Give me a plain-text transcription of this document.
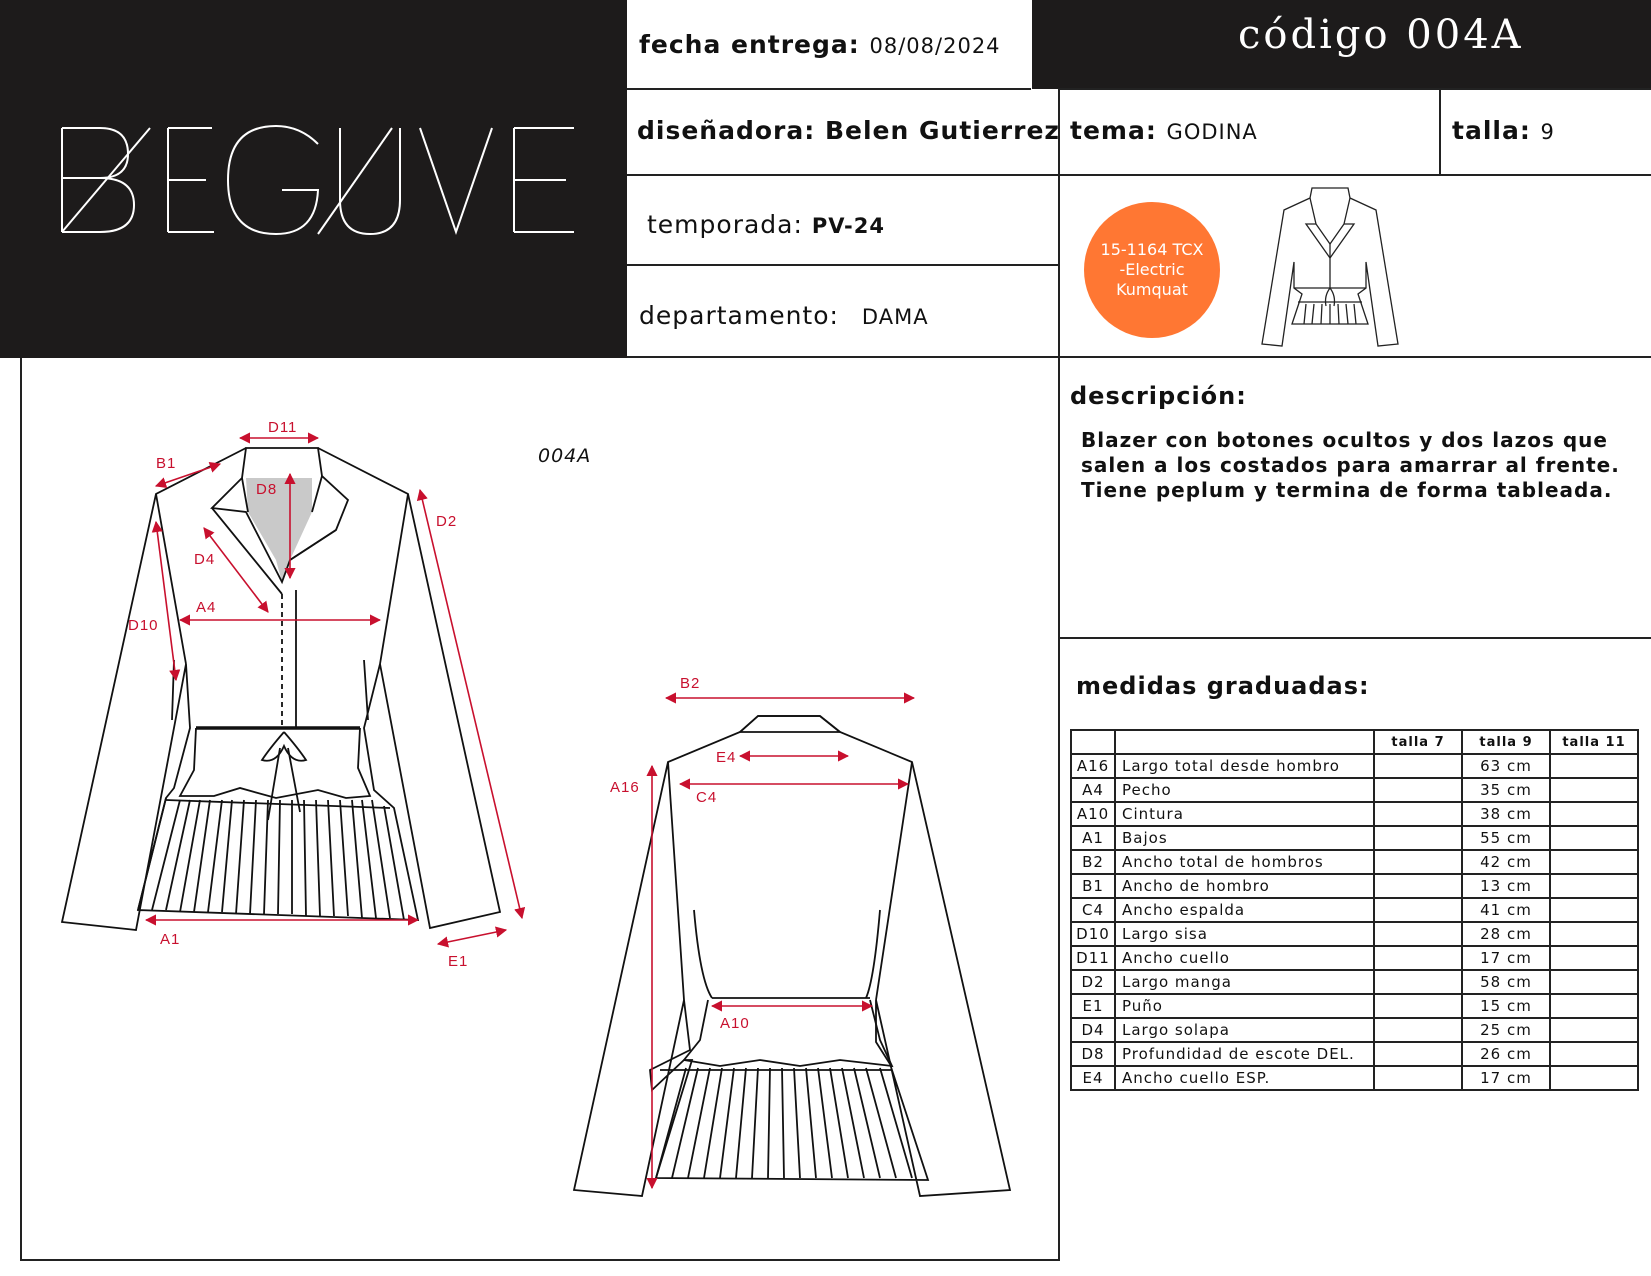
código 004A
fecha entrega: 08/08/2024
diseñadora: Belen Gutierrez tema: GODINA	talla: 9
temporada: PV-24
departamento: DAMA
15-1164 TCX -Electric Kumquat
004A
D11
B1
D8
D2
D4
A4
D10
A1
E1
B2
E4
C4
A16
A10
descripción:
Blazer con botones ocultos y dos lazos que
salen a los costados para amarrar al frente.
Tiene peplum y termina de forma tableada.
medidas graduadas:
		talla 7	talla 9	talla 11
A16	Largo total desde hombro		63 cm	
A4	Pecho		35 cm	
A10	Cintura		38 cm	
A1	Bajos		55 cm	
B2	Ancho total de hombros		42 cm	
B1	Ancho de hombro		13 cm	
C4	Ancho espalda		41 cm	
D10	Largo sisa		28 cm	
D11	Ancho cuello		17 cm	
D2	Largo manga		58 cm	
E1	Puño		15 cm	
D4	Largo solapa		25 cm	
D8	Profundidad de escote DEL.		26 cm	
E4	Ancho cuello ESP.		17 cm	
